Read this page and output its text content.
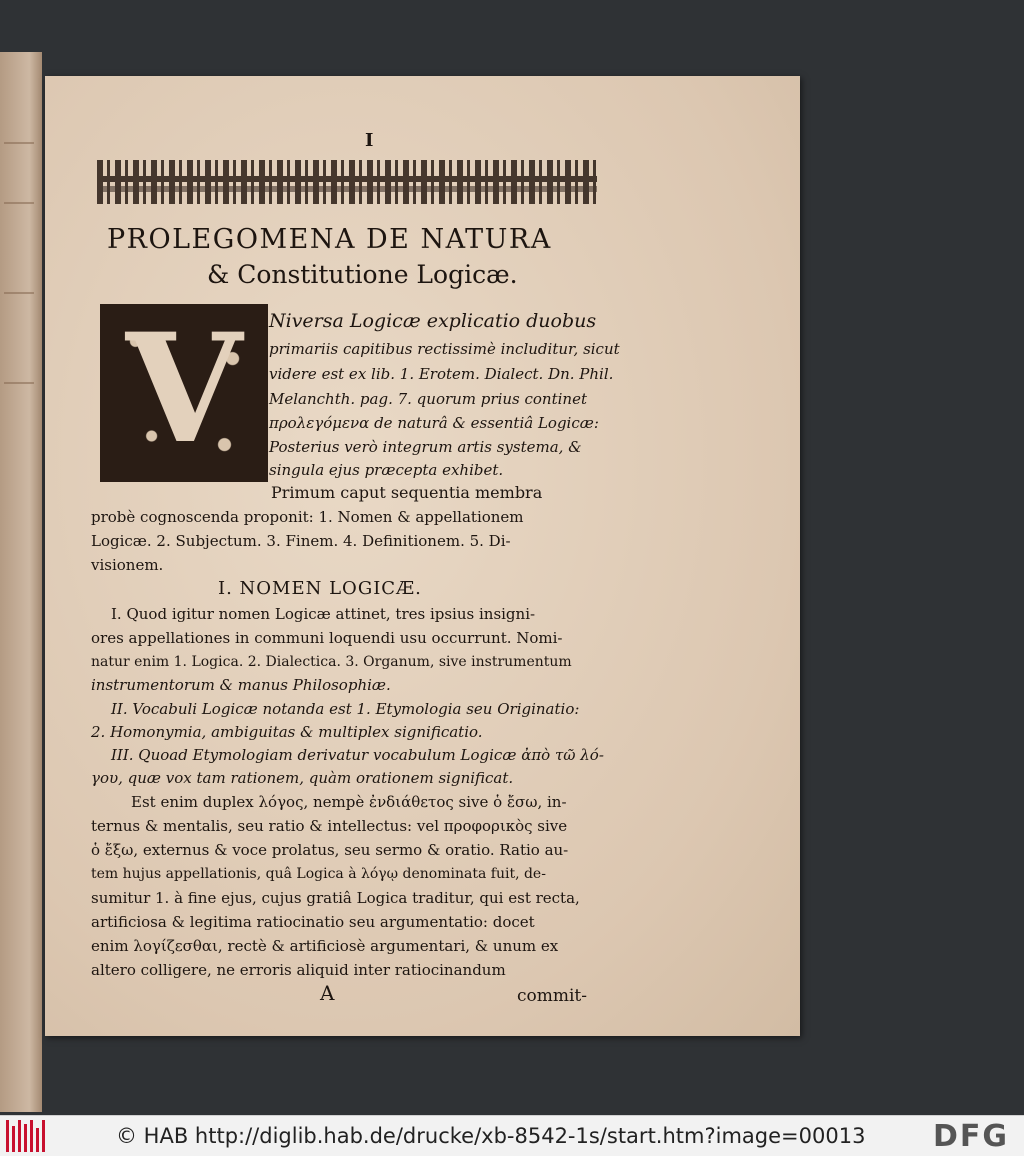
I
PROLEGOMENA DE NATURA
& Constitutione Logicæ.
V	Niversa Logicæ explicatio duobus
primariis capitibus rectissimè includitur, sicut
videre est ex lib. 1. Erotem. Dialect. Dn. Phil.
Melanchth. pag. 7. quorum prius continet
προλεγόμενα de naturâ & essentiâ Logicæ:
Posterius verò integrum artis systema, &
singula ejus præcepta exhibet.
Primum caput sequentia membra
probè cognoscenda proponit: 1. Nomen & appellationem
Logicæ. 2. Subjectum. 3. Finem. 4. Definitionem. 5. Di-
visionem.
I. NOMEN LOGICÆ.
I. Quod igitur nomen Logicæ attinet, tres ipsius insigni-
ores appellationes in communi loquendi usu occurrunt. Nomi-
natur enim 1. Logica. 2. Dialectica. 3. Organum, sive instrumentum
instrumentorum & manus Philosophiæ.
II. Vocabuli Logicæ notanda est 1. Etymologia seu Originatio:
2. Homonymia, ambiguitas & multiplex significatio.
III. Quoad Etymologiam derivatur vocabulum Logicæ ἀπὸ τῶ λό-
γου, quæ vox tam rationem, quàm orationem significat.
Est enim duplex λόγος, nempè ἐνδιάθετος sive ὁ ἔσω, in-
ternus & mentalis, seu ratio & intellectus: vel προφορικὸς sive
ὁ ἔξω, externus & voce prolatus, seu sermo & oratio. Ratio au-
tem hujus appellationis, quâ Logica à λόγῳ denominata fuit, de-
sumitur 1. à fine ejus, cujus gratiâ Logica traditur, qui est recta,
artificiosa & legitima ratiocinatio seu argumentatio: docet
enim λογίζεσθαι, rectè & artificiosè argumentari, & unum ex
altero colligere, ne erroris aliquid inter ratiocinandum
A	commit-
© HAB http://diglib.hab.de/drucke/xb-8542-1s/start.htm?image=00013 DFG
